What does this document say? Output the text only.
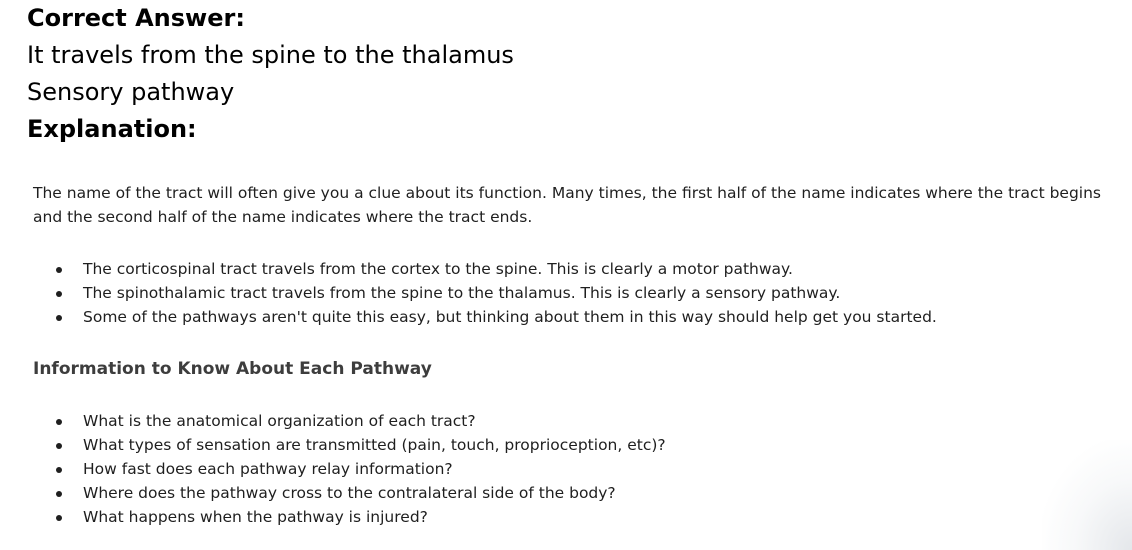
Correct Answer:
It travels from the spine to the thalamus
Sensory pathway
Explanation:

The name of the tract will often give you a clue about its function. Many times, the first half of the name indicates where the tract begins and the second half of the name indicates where the tract ends.

The corticospinal tract travels from the cortex to the spine. This is clearly a motor pathway.
The spinothalamic tract travels from the spine to the thalamus. This is clearly a sensory pathway.
Some of the pathways aren't quite this easy, but thinking about them in this way should help get you started.
Information to Know About Each Pathway
What is the anatomical organization of each tract?
What types of sensation are transmitted (pain, touch, proprioception, etc)?
How fast does each pathway relay information?
Where does the pathway cross to the contralateral side of the body?
What happens when the pathway is injured?
